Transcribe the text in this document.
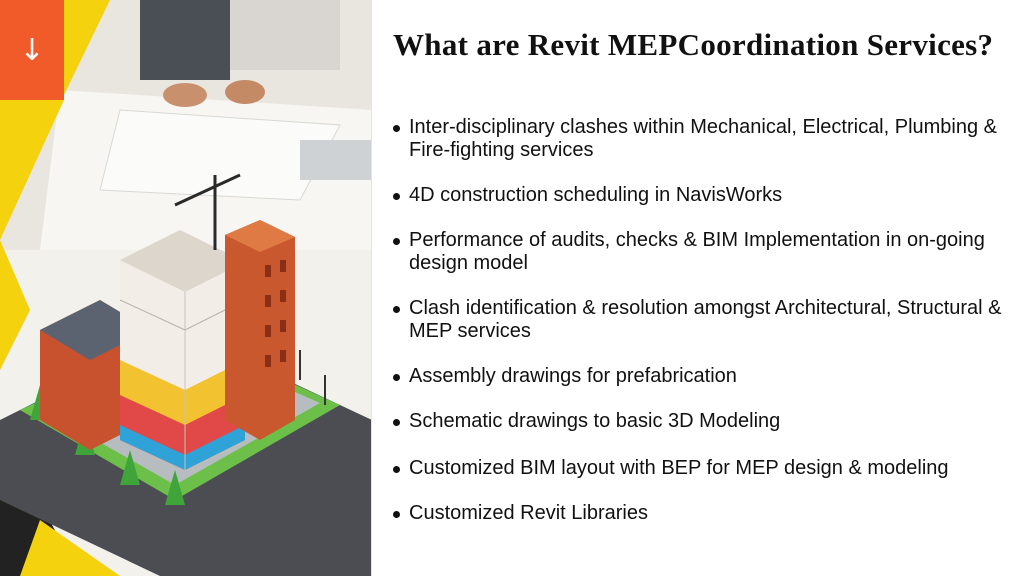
↓	What are Revit MEPCoordination Services?
Inter-disciplinary clashes within Mechanical, Electrical, Plumbing & Fire-fighting services
4D construction scheduling in NavisWorks
Performance of audits, checks & BIM Implementation in on-going design model
Clash identification & resolution amongst Architectural, Structural & MEP services
Assembly drawings for prefabrication
Schematic drawings to basic 3D Modeling
Customized BIM layout with BEP for MEP design & modeling
Customized Revit Libraries
